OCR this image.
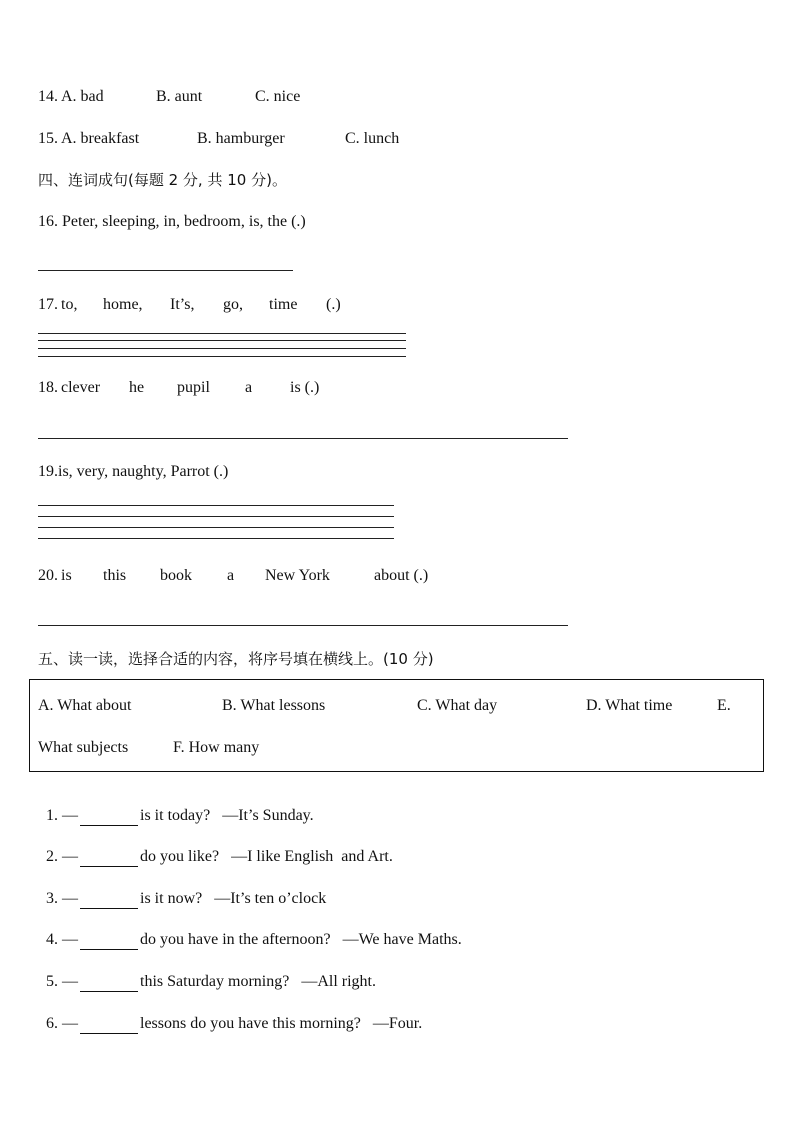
14. A. bad	B. aunt	C. nice
15. A. breakfast	B. hamburger	C. lunch
四、连词成句(每题 2 分, 共 10 分)。
16. Peter, sleeping, in, bedroom, is, the (.)
17. to, home, It’s, go, time (.)
18. clever he pupil a is (.)
19.is, very, naughty, Parrot (.)
20. is this book a New York	about (.)
五、读一读，选择合适的内容，将序号填在横线上。(10 分)
A. What about	B. What lessons	C. What day	D. What time	E.
What subjects	F. How many

1. —	is it today? —It’s Sunday.

2. —	do you like? —I like English  and Art.

3. —	is it now? —It’s ten o’clock

4. —	do you have in the afternoon? —We have Maths.

5. —	this Saturday morning? —All right.

6. —	lessons do you have this morning? —Four.
